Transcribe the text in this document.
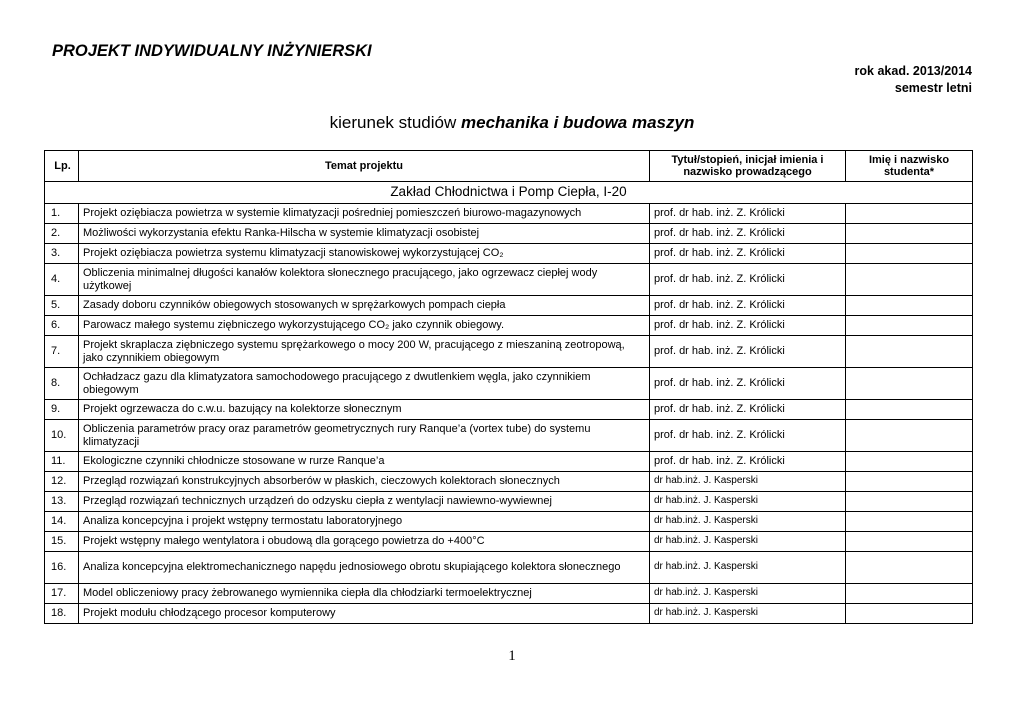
PROJEKT INDYWIDUALNY INŻYNIERSKI
rok akad. 2013/2014
semestr letni
kierunek studiów mechanika i budowa maszyn
Lp.	Temat projektu	Tytuł/stopień, inicjał imienia i nazwisko prowadzącego	Imię i nazwisko studenta*
Zakład Chłodnictwa i Pomp Ciepła, I-20			
1.	Projekt oziębiacza powietrza w systemie klimatyzacji pośredniej pomieszczeń biurowo-magazynowych	prof. dr hab. inż. Z. Królicki	
2.	Możliwości wykorzystania efektu Ranka-Hilscha w systemie klimatyzacji osobistej	prof. dr hab. inż. Z. Królicki	
3.	Projekt oziębiacza powietrza systemu klimatyzacji stanowiskowej wykorzystującej CO₂	prof. dr hab. inż. Z. Królicki	
4.	Obliczenia minimalnej długości kanałów kolektora słonecznego pracującego, jako ogrzewacz ciepłej wody użytkowej	prof. dr hab. inż. Z. Królicki	
5.	Zasady doboru czynników obiegowych stosowanych w sprężarkowych pompach ciepła	prof. dr hab. inż. Z. Królicki	
6.	Parowacz małego systemu ziębniczego wykorzystującego CO₂ jako czynnik obiegowy.	prof. dr hab. inż. Z. Królicki	
7.	Projekt skraplacza ziębniczego systemu sprężarkowego o mocy 200 W, pracującego z mieszaniną zeotropową, jako czynnikiem obiegowym	prof. dr hab. inż. Z. Królicki	
8.	Ochładzacz gazu dla klimatyzatora samochodowego pracującego z dwutlenkiem węgla, jako czynnikiem obiegowym	prof. dr hab. inż. Z. Królicki	
9.	Projekt ogrzewacza do c.w.u. bazujący na kolektorze słonecznym	prof. dr hab. inż. Z. Królicki	
10.	Obliczenia parametrów pracy oraz parametrów geometrycznych rury Ranque’a (vortex tube) do systemu klimatyzacji	prof. dr hab. inż. Z. Królicki	
11.	Ekologiczne czynniki chłodnicze stosowane w rurze Ranque’a	prof. dr hab. inż. Z. Królicki	
12.	Przegląd rozwiązań konstrukcyjnych absorberów w płaskich, cieczowych kolektorach słonecznych	dr hab.inż. J. Kasperski	
13.	Przegląd rozwiązań technicznych urządzeń do odzysku ciepła z wentylacji nawiewno-wywiewnej	dr hab.inż. J. Kasperski	
14.	Analiza koncepcyjna i projekt wstępny termostatu laboratoryjnego	dr hab.inż. J. Kasperski	
15.	Projekt wstępny małego wentylatora i obudową dla gorącego powietrza do +400°C	dr hab.inż. J. Kasperski	
16.	Analiza koncepcyjna elektromechanicznego napędu jednosiowego obrotu skupiającego kolektora słonecznego	dr hab.inż. J. Kasperski	
17.	Model obliczeniowy pracy żebrowanego wymiennika ciepła dla chłodziarki termoelektrycznej	dr hab.inż. J. Kasperski	
18.	Projekt modułu chłodzącego procesor komputerowy	dr hab.inż. J. Kasperski	
1
